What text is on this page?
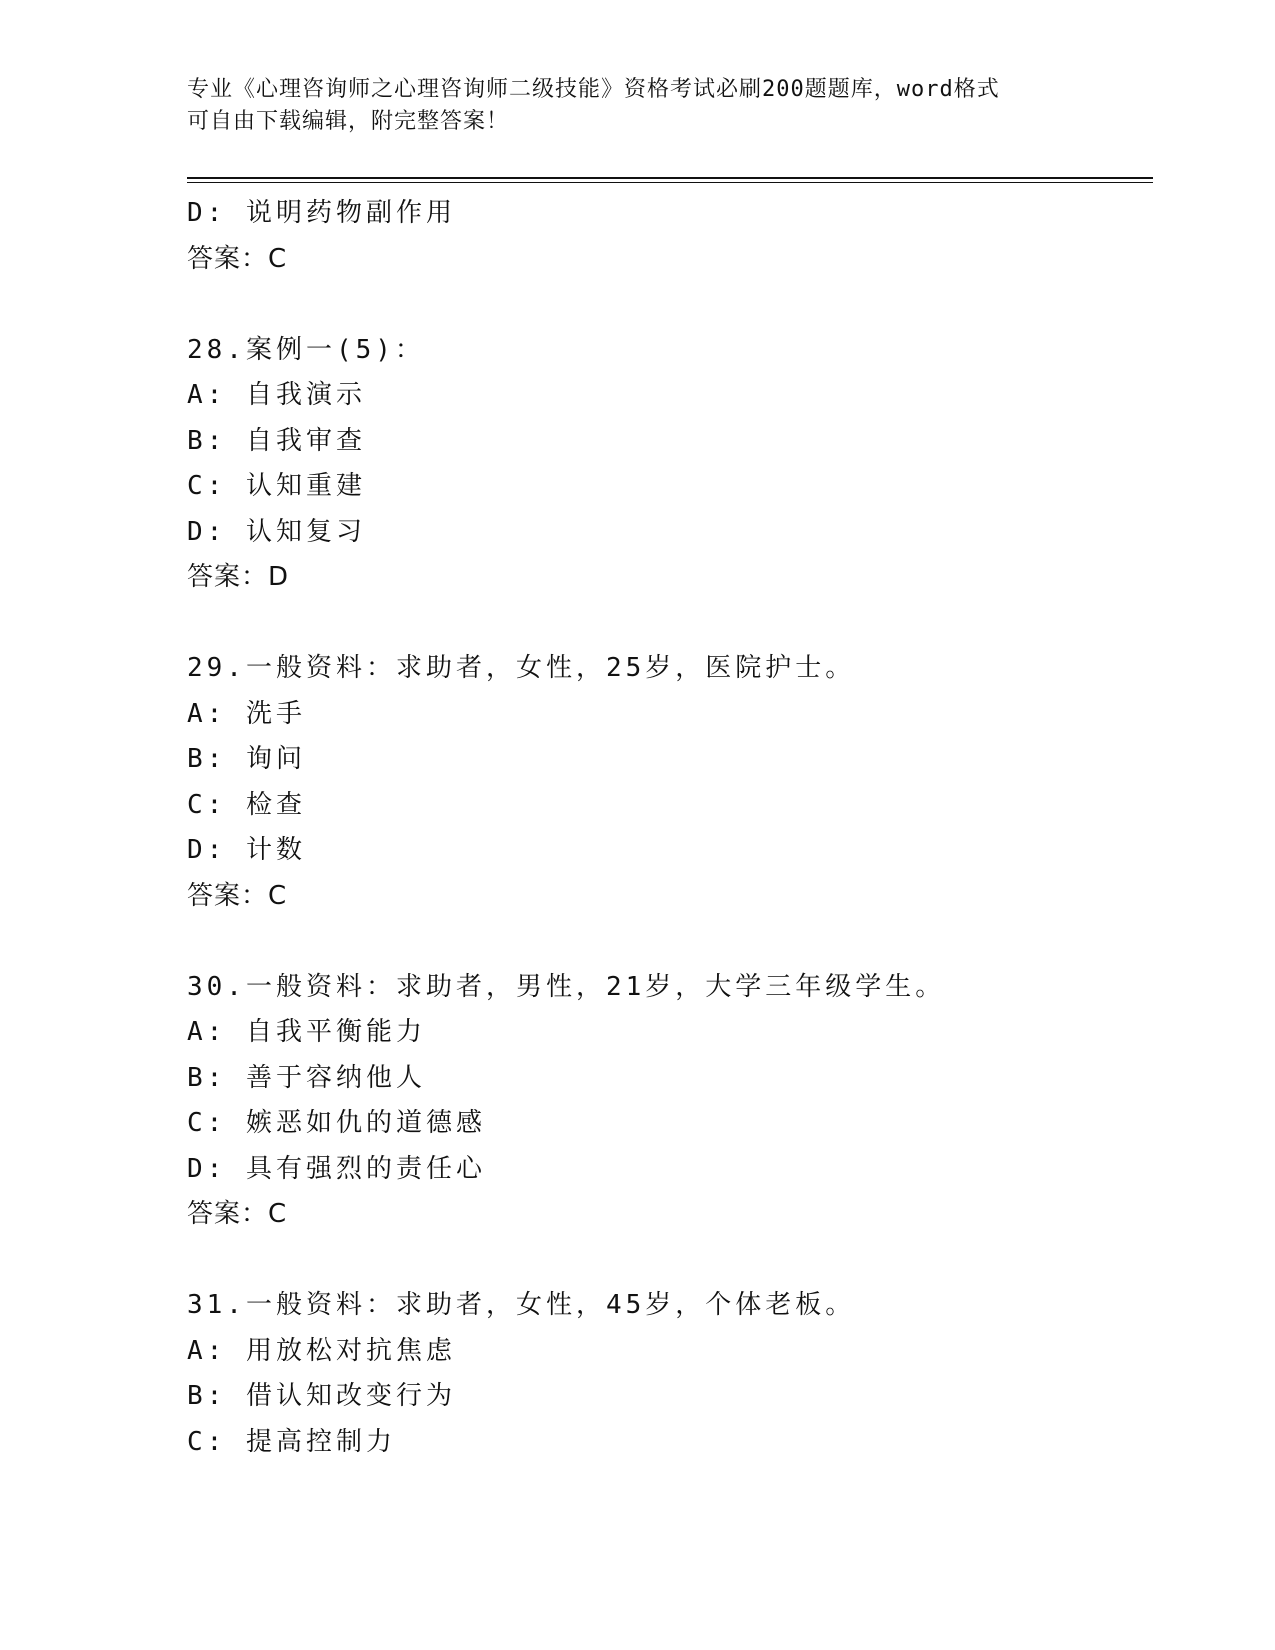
专业《心理咨询师之心理咨询师二级技能》资格考试必刷200题题库，word格式
可自由下载编辑，附完整答案！
D: 说明药物副作用
答案：C
28.案例一(5)：
A: 自我演示
B: 自我审查
C: 认知重建
D: 认知复习
答案：D
29.一般资料：求助者，女性，25岁，医院护士。
A: 洗手
B: 询问
C: 检查
D: 计数
答案：C
30.一般资料：求助者，男性，21岁，大学三年级学生。
A: 自我平衡能力
B: 善于容纳他人
C: 嫉恶如仇的道德感
D: 具有强烈的责任心
答案：C
31.一般资料：求助者，女性，45岁，个体老板。
A: 用放松对抗焦虑
B: 借认知改变行为
C: 提高控制力
